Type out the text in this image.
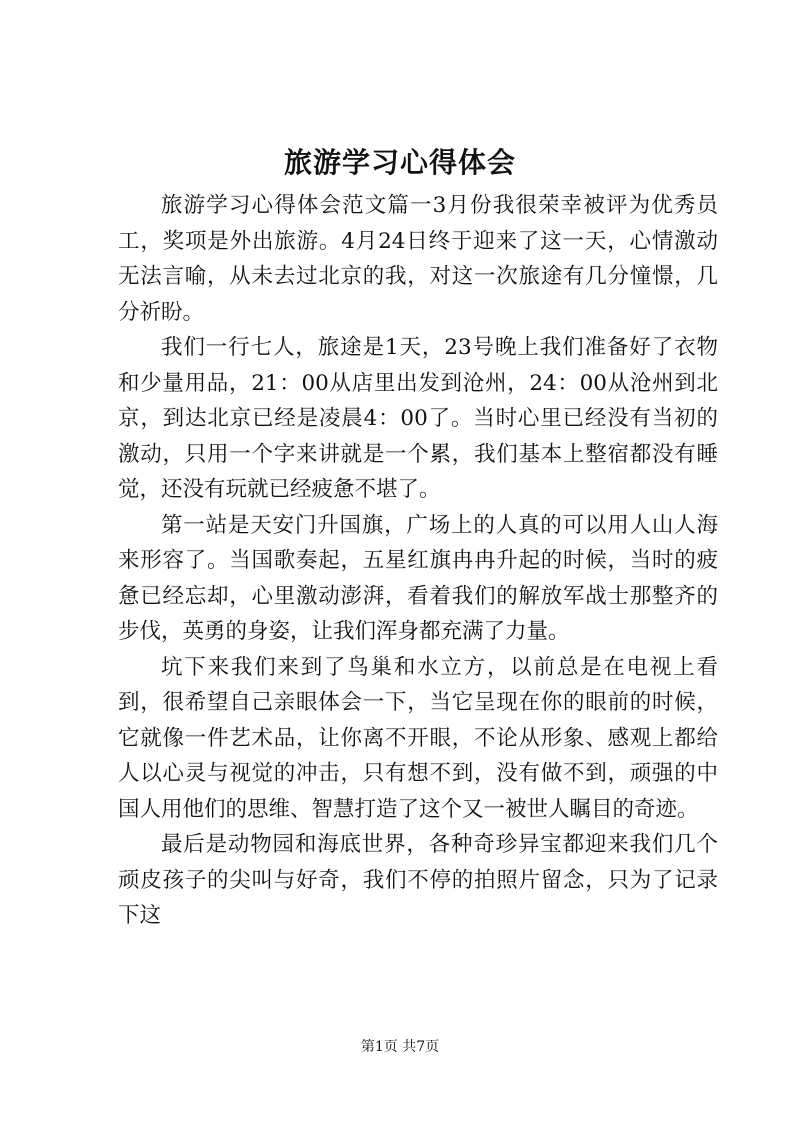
旅游学习心得体会

旅游学习心得体会范文篇一3月份我很荣幸被评为优秀员工，奖项是外出旅游。4月24日终于迎来了这一天，心情激动无法言喻，从未去过北京的我，对这一次旅途有几分憧憬，几分祈盼。

我们一行七人，旅途是1天，23号晚上我们准备好了衣物和少量用品，21：00从店里出发到沧州，24：00从沧州到北京，到达北京已经是凌晨4：00了。当时心里已经没有当初的激动，只用一个字来讲就是一个累，我们基本上整宿都没有睡觉，还没有玩就已经疲惫不堪了。

第一站是天安门升国旗，广场上的人真的可以用人山人海来形容了。当国歌奏起，五星红旗冉冉升起的时候，当时的疲惫已经忘却，心里激动澎湃，看着我们的解放军战士那整齐的步伐，英勇的身姿，让我们浑身都充满了力量。

坑下来我们来到了鸟巢和水立方，以前总是在电视上看到，很希望自己亲眼体会一下，当它呈现在你的眼前的时候，它就像一件艺术品，让你离不开眼，不论从形象、感观上都给人以心灵与视觉的冲击，只有想不到，没有做不到，顽强的中国人用他们的思维、智慧打造了这个又一被世人瞩目的奇迹。

最后是动物园和海底世界，各种奇珍异宝都迎来我们几个顽皮孩子的尖叫与好奇，我们不停的拍照片留念，只为了记录下这

第1页 共7页
